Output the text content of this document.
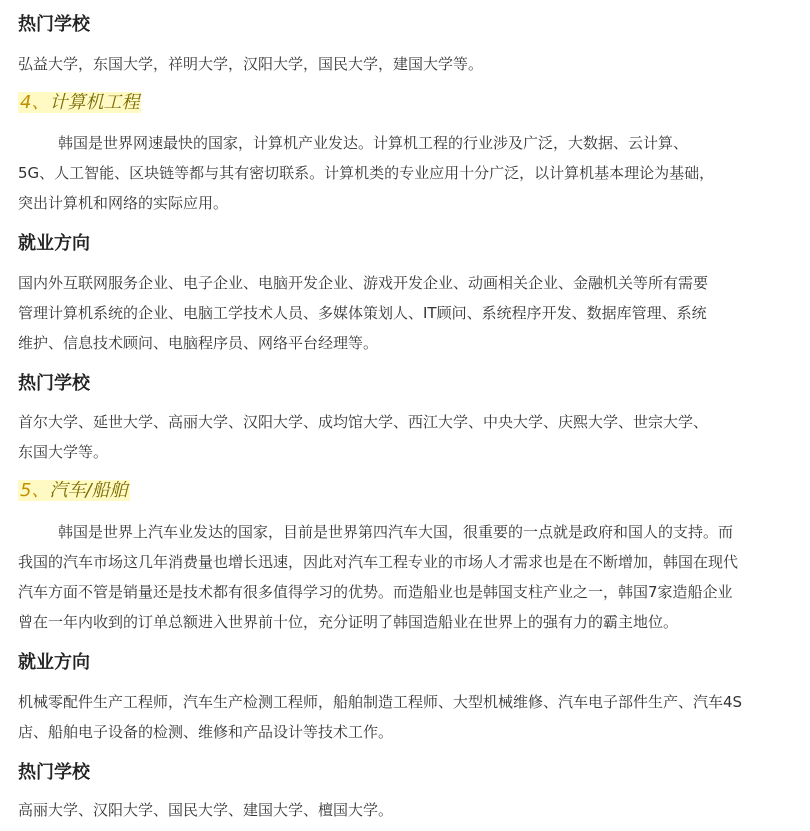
热门学校
弘益大学，东国大学，祥明大学，汉阳大学，国民大学，建国大学等。
4、计算机工程
韩国是世界网速最快的国家，计算机产业发达。计算机工程的行业涉及广泛，大数据、云计算、
5G、人工智能、区块链等都与其有密切联系。计算机类的专业应用十分广泛，以计算机基本理论为基础，
突出计算机和网络的实际应用。
就业方向
国内外互联网服务企业、电子企业、电脑开发企业、游戏开发企业、动画相关企业、金融机关等所有需要
管理计算机系统的企业、电脑工学技术人员、多媒体策划人、IT顾问、系统程序开发、数据库管理、系统
维护、信息技术顾问、电脑程序员、网络平台经理等。
热门学校
首尔大学、延世大学、高丽大学、汉阳大学、成均馆大学、西江大学、中央大学、庆熙大学、世宗大学、
东国大学等。
5、汽车/船舶
韩国是世界上汽车业发达的国家，目前是世界第四汽车大国，很重要的一点就是政府和国人的支持。而
我国的汽车市场这几年消费量也增长迅速，因此对汽车工程专业的市场人才需求也是在不断增加，韩国在现代
汽车方面不管是销量还是技术都有很多值得学习的优势。而造船业也是韩国支柱产业之一，韩国7家造船企业
曾在一年内收到的订单总额进入世界前十位，充分证明了韩国造船业在世界上的强有力的霸主地位。
就业方向
机械零配件生产工程师，汽车生产检测工程师，船舶制造工程师、大型机械维修、汽车电子部件生产、汽车4S
店、船舶电子设备的检测、维修和产品设计等技术工作。
热门学校
高丽大学、汉阳大学、国民大学、建国大学、檀国大学。
